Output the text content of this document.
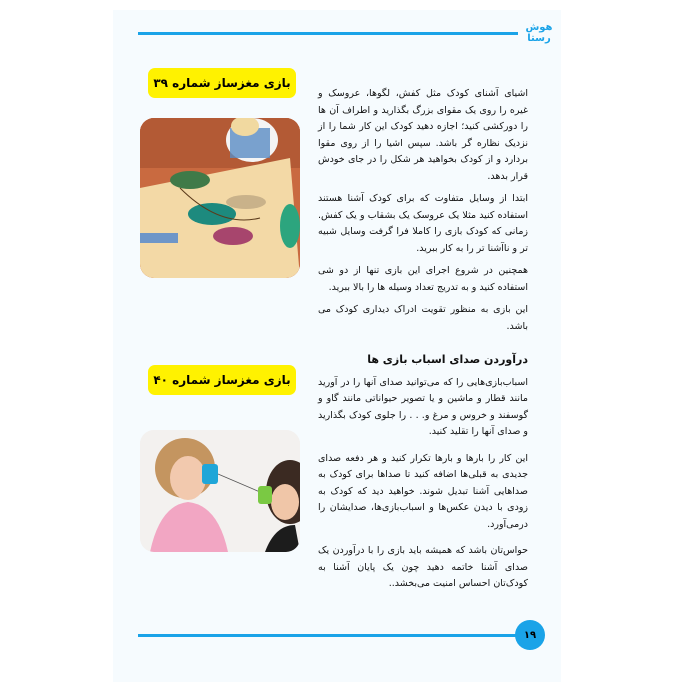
هوش رستا
بازی مغزساز شماره ۳۹

اشیای آشنای کودک مثل کفش، لگوها، عروسک و غیره را روی یک مقوای بزرگ بگذارید و اطراف آن ها را دورکشی کنید؛ اجازه دهید کودک این کار شما را از نزدیک نظاره گر باشد. سپس اشیا را از روی مقوا بردارد و از کودک بخواهید هر شکل را در جای خودش قرار بدهد.

ابتدا از وسایل متفاوت که برای کودک آشنا هستند استفاده کنید مثلا یک عروسک یک بشقاب و یک کفش. زمانی که کودک بازی را کاملا فرا گرفت وسایل شبیه تر و ناآشنا تر را به کار ببرید.

همچنین در شروع اجرای این بازی تنها از دو شی استفاده کنید و به تدریج تعداد وسیله ها را بالا ببرید.

این بازی به منظور تقویت ادراک دیداری کودک می باشد.

بازی مغزساز شماره ۴۰

درآوردن صدای اسباب بازی ها

اسباب‌بازی‌هایی را که می‌توانید صدای آنها را در آورید مانند قطار و ماشین و یا تصویر حیواناتی مانند گاو و گوسفند و خروس و مرغ و. . . را جلوی کودک بگذارید و صدای آنها را تقلید کنید.

این کار را بارها و بارها تکرار کنید و هر دفعه صدای جدیدی به قبلی‌ها اضافه کنید تا صداها برای کودک به صداهایی آشنا تبدیل شوند. خواهید دید که کودک به زودی با دیدن عکس‌ها و اسباب‌بازی‌ها، صدایشان را درمی‌آورد.

حواس‌تان باشد که همیشه باید بازی را با درآوردن یک صدای آشنا خاتمه دهید چون یک پایان آشنا به کودک‌تان احساس امنیت می‌بخشد..

۱۹
